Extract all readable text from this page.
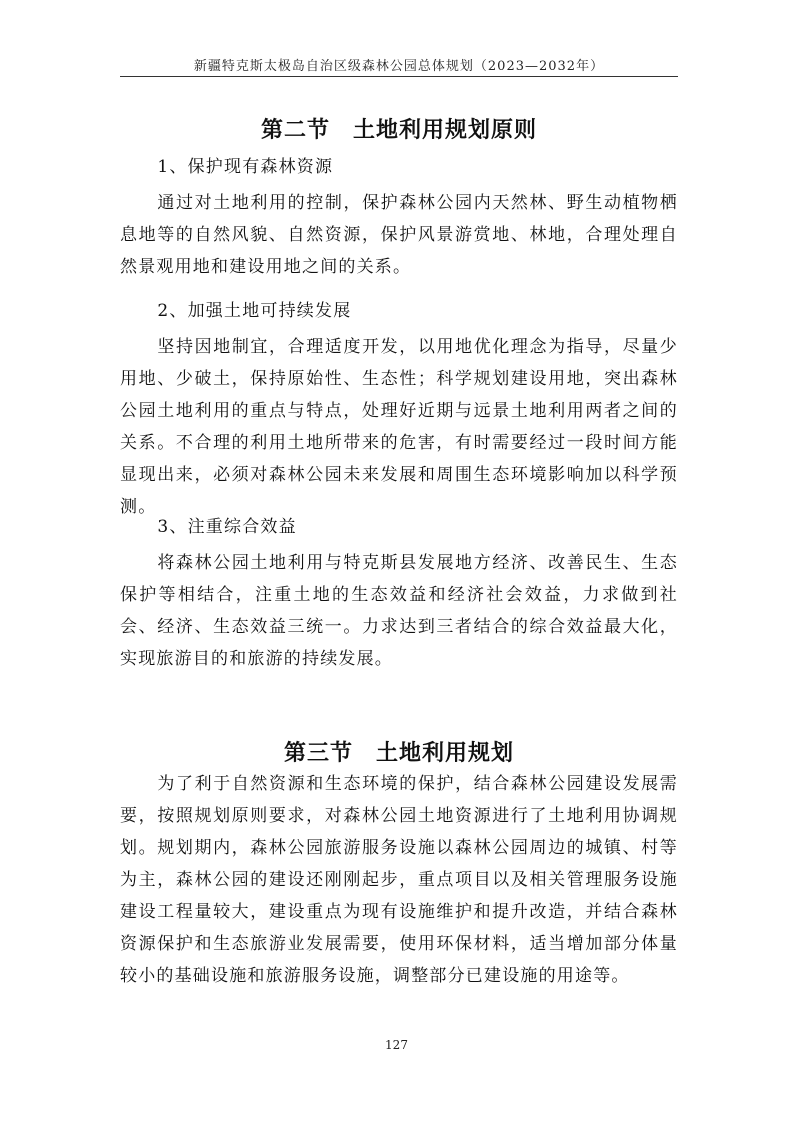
新疆特克斯太极岛自治区级森林公园总体规划（2023—2032年）
第二节　土地利用规划原则

1、保护现有森林资源

通过对土地利用的控制，保护森林公园内天然林、野生动植物栖息地等的自然风貌、自然资源，保护风景游赏地、林地，合理处理自然景观用地和建设用地之间的关系。

2、加强土地可持续发展

坚持因地制宜，合理适度开发，以用地优化理念为指导，尽量少用地、少破土，保持原始性、生态性；科学规划建设用地，突出森林公园土地利用的重点与特点，处理好近期与远景土地利用两者之间的关系。不合理的利用土地所带来的危害，有时需要经过一段时间方能显现出来，必须对森林公园未来发展和周围生态环境影响加以科学预测。

3、注重综合效益

将森林公园土地利用与特克斯县发展地方经济、改善民生、生态保护等相结合，注重土地的生态效益和经济社会效益，力求做到社会、经济、生态效益三统一。力求达到三者结合的综合效益最大化，实现旅游目的和旅游的持续发展。

第三节　土地利用规划

为了利于自然资源和生态环境的保护，结合森林公园建设发展需要，按照规划原则要求，对森林公园土地资源进行了土地利用协调规划。规划期内，森林公园旅游服务设施以森林公园周边的城镇、村等为主，森林公园的建设还刚刚起步，重点项目以及相关管理服务设施建设工程量较大，建设重点为现有设施维护和提升改造，并结合森林资源保护和生态旅游业发展需要，使用环保材料，适当增加部分体量较小的基础设施和旅游服务设施，调整部分已建设施的用途等。

127
